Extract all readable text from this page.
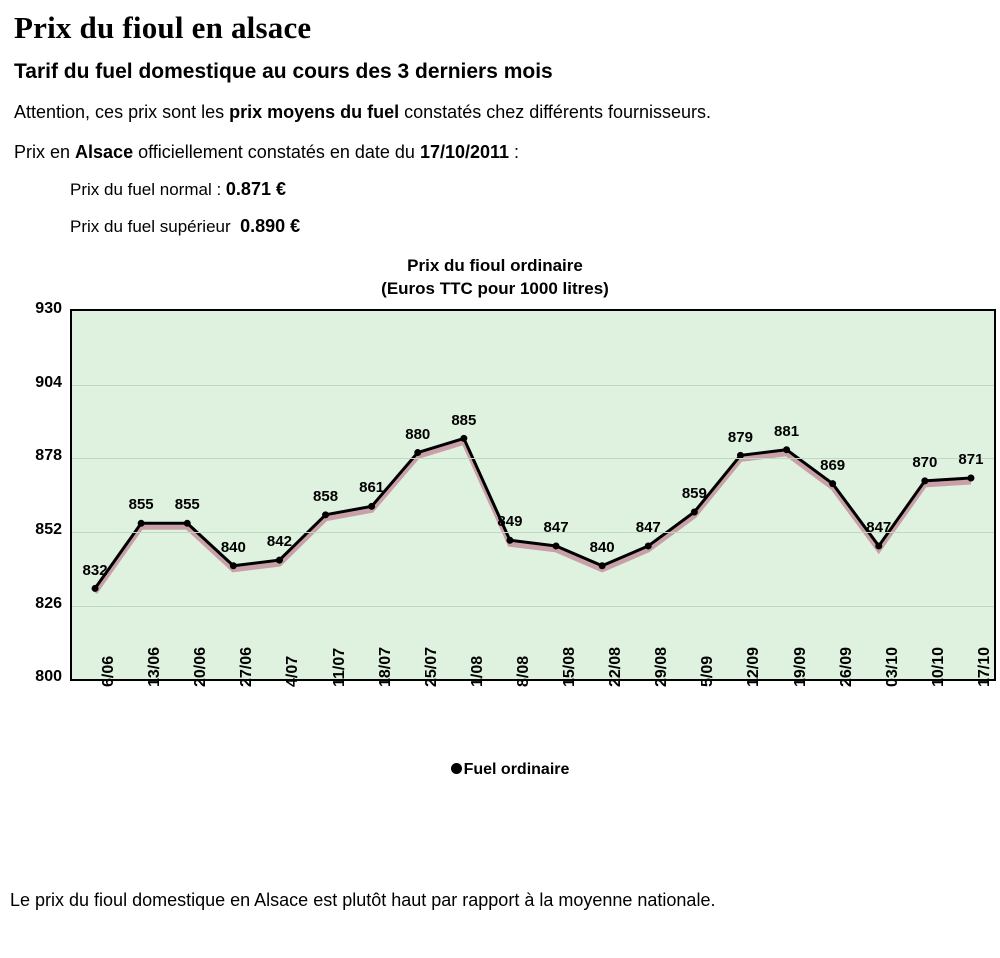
Prix du fioul en alsace
Tarif du fuel domestique au cours des 3 derniers mois
Attention, ces prix sont les prix moyens du fuel constatés chez différents fournisseurs.
Prix en Alsace officiellement constatés en date du 17/10/2011 :
Prix du fuel normal : 0.871 €
Prix du fuel supérieur 0.890 €
Prix du fioul ordinaire
(Euros TTC pour 1000 litres)
800
826
852
878
904
930
6/06 13/06 20/06 27/06 4/07 11/07 18/07 25/07 1/08 8/08 15/08 22/08 29/08 5/09 12/09 19/09 26/09 03/10 10/10 17/10
832
855 855
840 842
858 861
880
885
849 847
840
847
859
879 881
869
847
870 871
Fuel ordinaire
Le prix du fioul domestique en Alsace est plutôt haut par rapport à la moyenne nationale.
